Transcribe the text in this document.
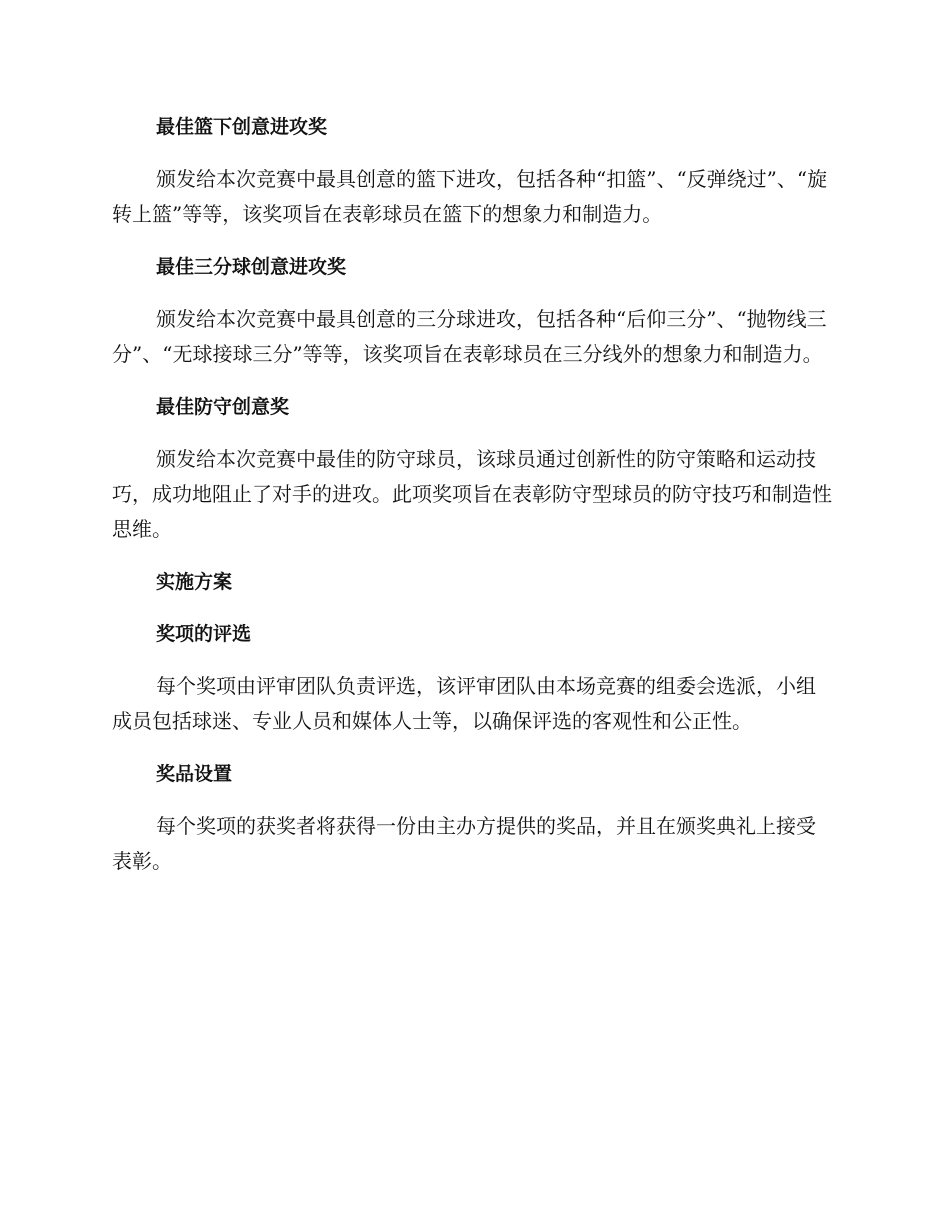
最佳篮下创意进攻奖

颁发给本次竞赛中最具创意的篮下进攻，包括各种“扣篮”、“反弹绕过”、“旋转上篮”等等，该奖项旨在表彰球员在篮下的想象力和制造力。

最佳三分球创意进攻奖

颁发给本次竞赛中最具创意的三分球进攻，包括各种“后仰三分”、“抛物线三分”、“无球接球三分”等等，该奖项旨在表彰球员在三分线外的想象力和制造力。

最佳防守创意奖

颁发给本次竞赛中最佳的防守球员，该球员通过创新性的防守策略和运动技巧，成功地阻止了对手的进攻。此项奖项旨在表彰防守型球员的防守技巧和制造性思维。

实施方案
奖项的评选

每个奖项由评审团队负责评选，该评审团队由本场竞赛的组委会选派，小组成员包括球迷、专业人员和媒体人士等，以确保评选的客观性和公正性。

奖品设置

每个奖项的获奖者将获得一份由主办方提供的奖品，并且在颁奖典礼上接受表彰。
